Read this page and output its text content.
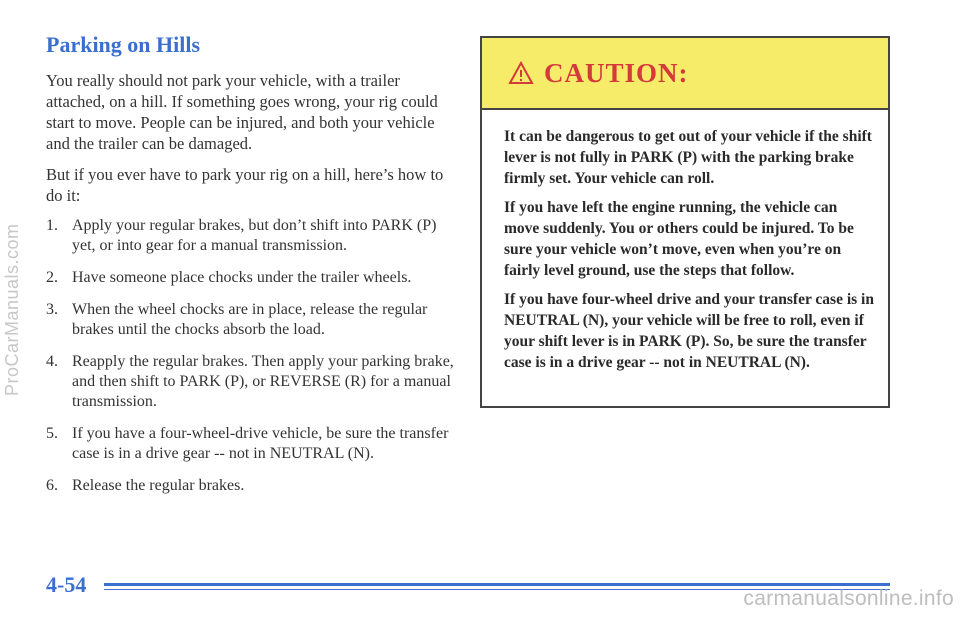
ProCarManuals.com
Parking on Hills

You really should not park your vehicle, with a trailer attached, on a hill. If something goes wrong, your rig could start to move. People can be injured, and both your vehicle and the trailer can be damaged.

But if you ever have to park your rig on a hill, here’s how to do it:

1. Apply your regular brakes, but don’t shift into PARK (P) yet, or into gear for a manual transmission.
2. Have someone place chocks under the trailer wheels.
3. When the wheel chocks are in place, release the regular brakes until the chocks absorb the load.
4. Reapply the regular brakes. Then apply your parking brake, and then shift to PARK (P), or REVERSE (R) for a manual transmission.
5. If you have a four-wheel-drive vehicle, be sure the transfer case is in a drive gear -- not in NEUTRAL (N).
6. Release the regular brakes.
CAUTION:

It can be dangerous to get out of your vehicle if the shift lever is not fully in PARK (P) with the parking brake firmly set. Your vehicle can roll.

If you have left the engine running, the vehicle can move suddenly. You or others could be injured. To be sure your vehicle won’t move, even when you’re on fairly level ground, use the steps that follow.

If you have four-wheel drive and your transfer case is in NEUTRAL (N), your vehicle will be free to roll, even if your shift lever is in PARK (P). So, be sure the transfer case is in a drive gear -- not in NEUTRAL (N).

4-54
carmanualsonline.info
